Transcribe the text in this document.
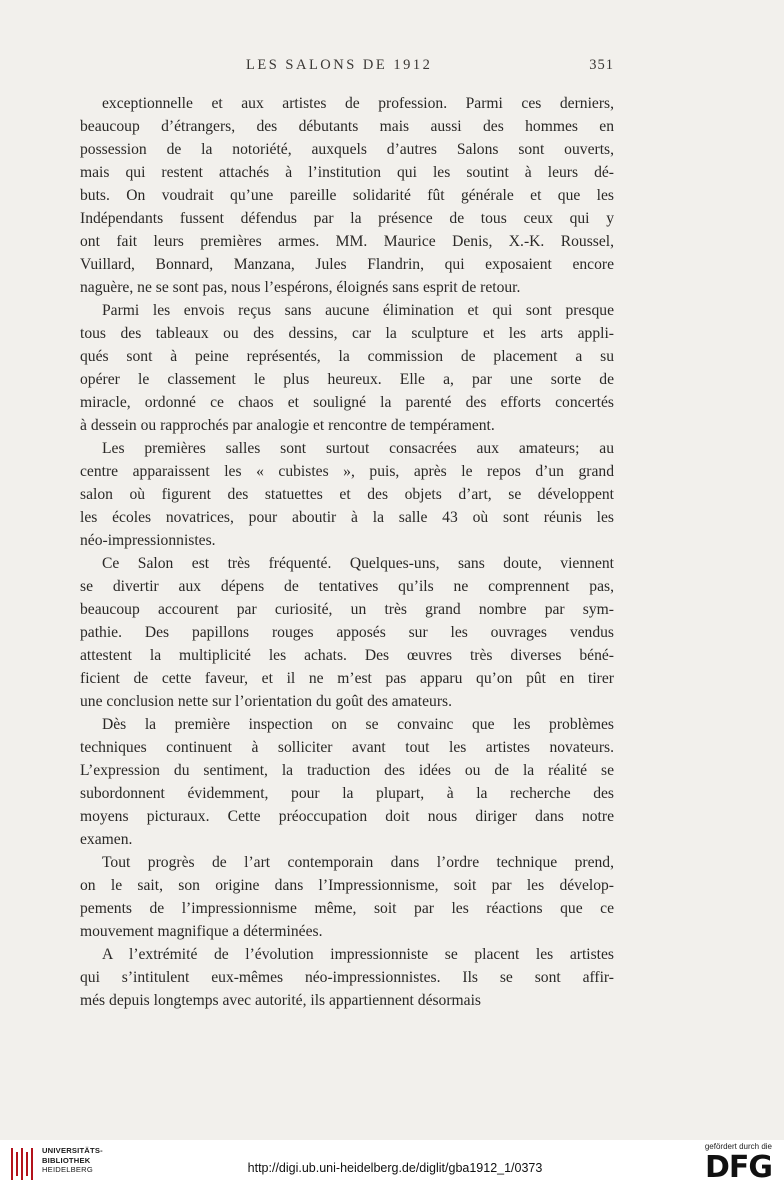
LES SALONS DE 1912	351
exceptionnelle et aux artistes de profession. Parmi ces derniers,
beaucoup d’étrangers, des débutants mais aussi des hommes en
possession de la notoriété, auxquels d’autres Salons sont ouverts,
mais qui restent attachés à l’institution qui les soutint à leurs dé-
buts. On voudrait qu’une pareille solidarité fût générale et que les
Indépendants fussent défendus par la présence de tous ceux qui y
ont fait leurs premières armes. MM. Maurice Denis, X.-K. Roussel,
Vuillard, Bonnard, Manzana, Jules Flandrin, qui exposaient encore
naguère, ne se sont pas, nous l’espérons, éloignés sans esprit de retour.
Parmi les envois reçus sans aucune élimination et qui sont presque
tous des tableaux ou des dessins, car la sculpture et les arts appli-
qués sont à peine représentés, la commission de placement a su
opérer le classement le plus heureux. Elle a, par une sorte de
miracle, ordonné ce chaos et souligné la parenté des efforts concertés
à dessein ou rapprochés par analogie et rencontre de tempérament.
Les premières salles sont surtout consacrées aux amateurs; au
centre apparaissent les « cubistes », puis, après le repos d’un grand
salon où figurent des statuettes et des objets d’art, se développent
les écoles novatrices, pour aboutir à la salle 43 où sont réunis les
néo-impressionnistes.
Ce Salon est très fréquenté. Quelques-uns, sans doute, viennent
se divertir aux dépens de tentatives qu’ils ne comprennent pas,
beaucoup accourent par curiosité, un très grand nombre par sym-
pathie. Des papillons rouges apposés sur les ouvrages vendus
attestent la multiplicité les achats. Des œuvres très diverses béné-
ficient de cette faveur, et il ne m’est pas apparu qu’on pût en tirer
une conclusion nette sur l’orientation du goût des amateurs.
Dès la première inspection on se convainc que les problèmes
techniques continuent à solliciter avant tout les artistes novateurs.
L’expression du sentiment, la traduction des idées ou de la réalité se
subordonnent évidemment, pour la plupart, à la recherche des
moyens picturaux. Cette préoccupation doit nous diriger dans notre
examen.
Tout progrès de l’art contemporain dans l’ordre technique prend,
on le sait, son origine dans l’Impressionnisme, soit par les dévelop-
pements de l’impressionnisme même, soit par les réactions que ce
mouvement magnifique a déterminées.
A l’extrémité de l’évolution impressionniste se placent les artistes
qui s’intitulent eux-mêmes néo-impressionnistes. Ils se sont affir-
més depuis longtemps avec autorité, ils appartiennent désormais
UNIVERSITÄTS-
BIBLIOTHEK
HEIDELBERG	http://digi.ub.uni-heidelberg.de/diglit/gba1912_1/0373
gefördert durch die
DFG
